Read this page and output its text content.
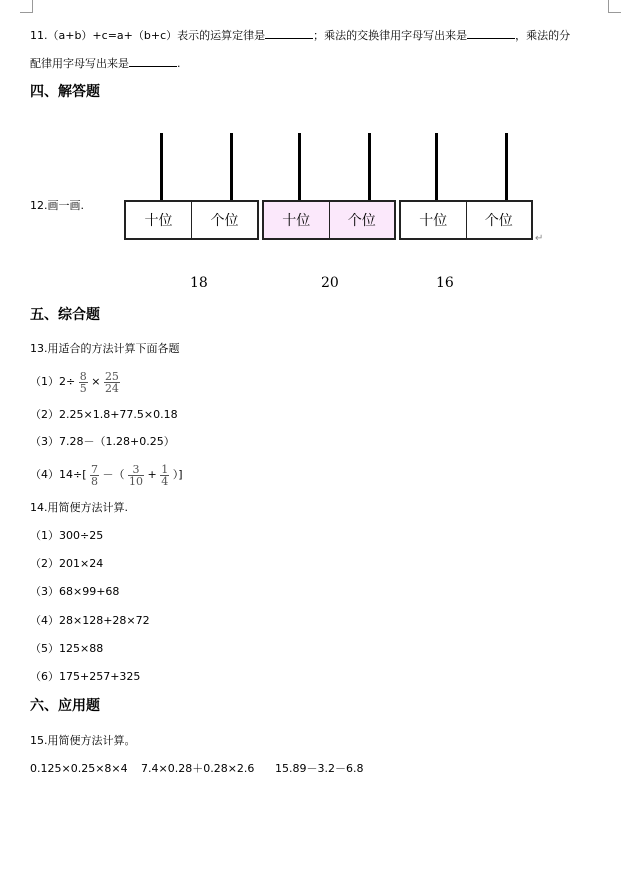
11.（a+b）+c=a+（b+c）表示的运算定律是	；乘法的交换律用字母写出来是	，乘法的分
配律用字母写出来是	.
四、解答题
12.画一画.
十位	个位	十位	个位	十位	个位
↵
18	20	16
五、综合题
13.用适合的方法计算下面各题
$(1)2\div \frac{8}{5} \times \frac{25}{24}$
（2）2.25×1.8+77.5×0.18
（3）7.28－（1.28+0.25）
$(4)14\div[ \frac{7}{8}$ －（ $\frac{3}{10} + \frac{1}{4}$ ）]
14.用简便方法计算.
（1）300÷25
（2）201×24
（3）68×99+68
（4）28×128+28×72
（5）125×88
（6）175+257+325
六、应用题
15.用简便方法计算。
0.125×0.25×8×4 7.4×0.28＋0.28×2.6 15.89－3.2－6.8
